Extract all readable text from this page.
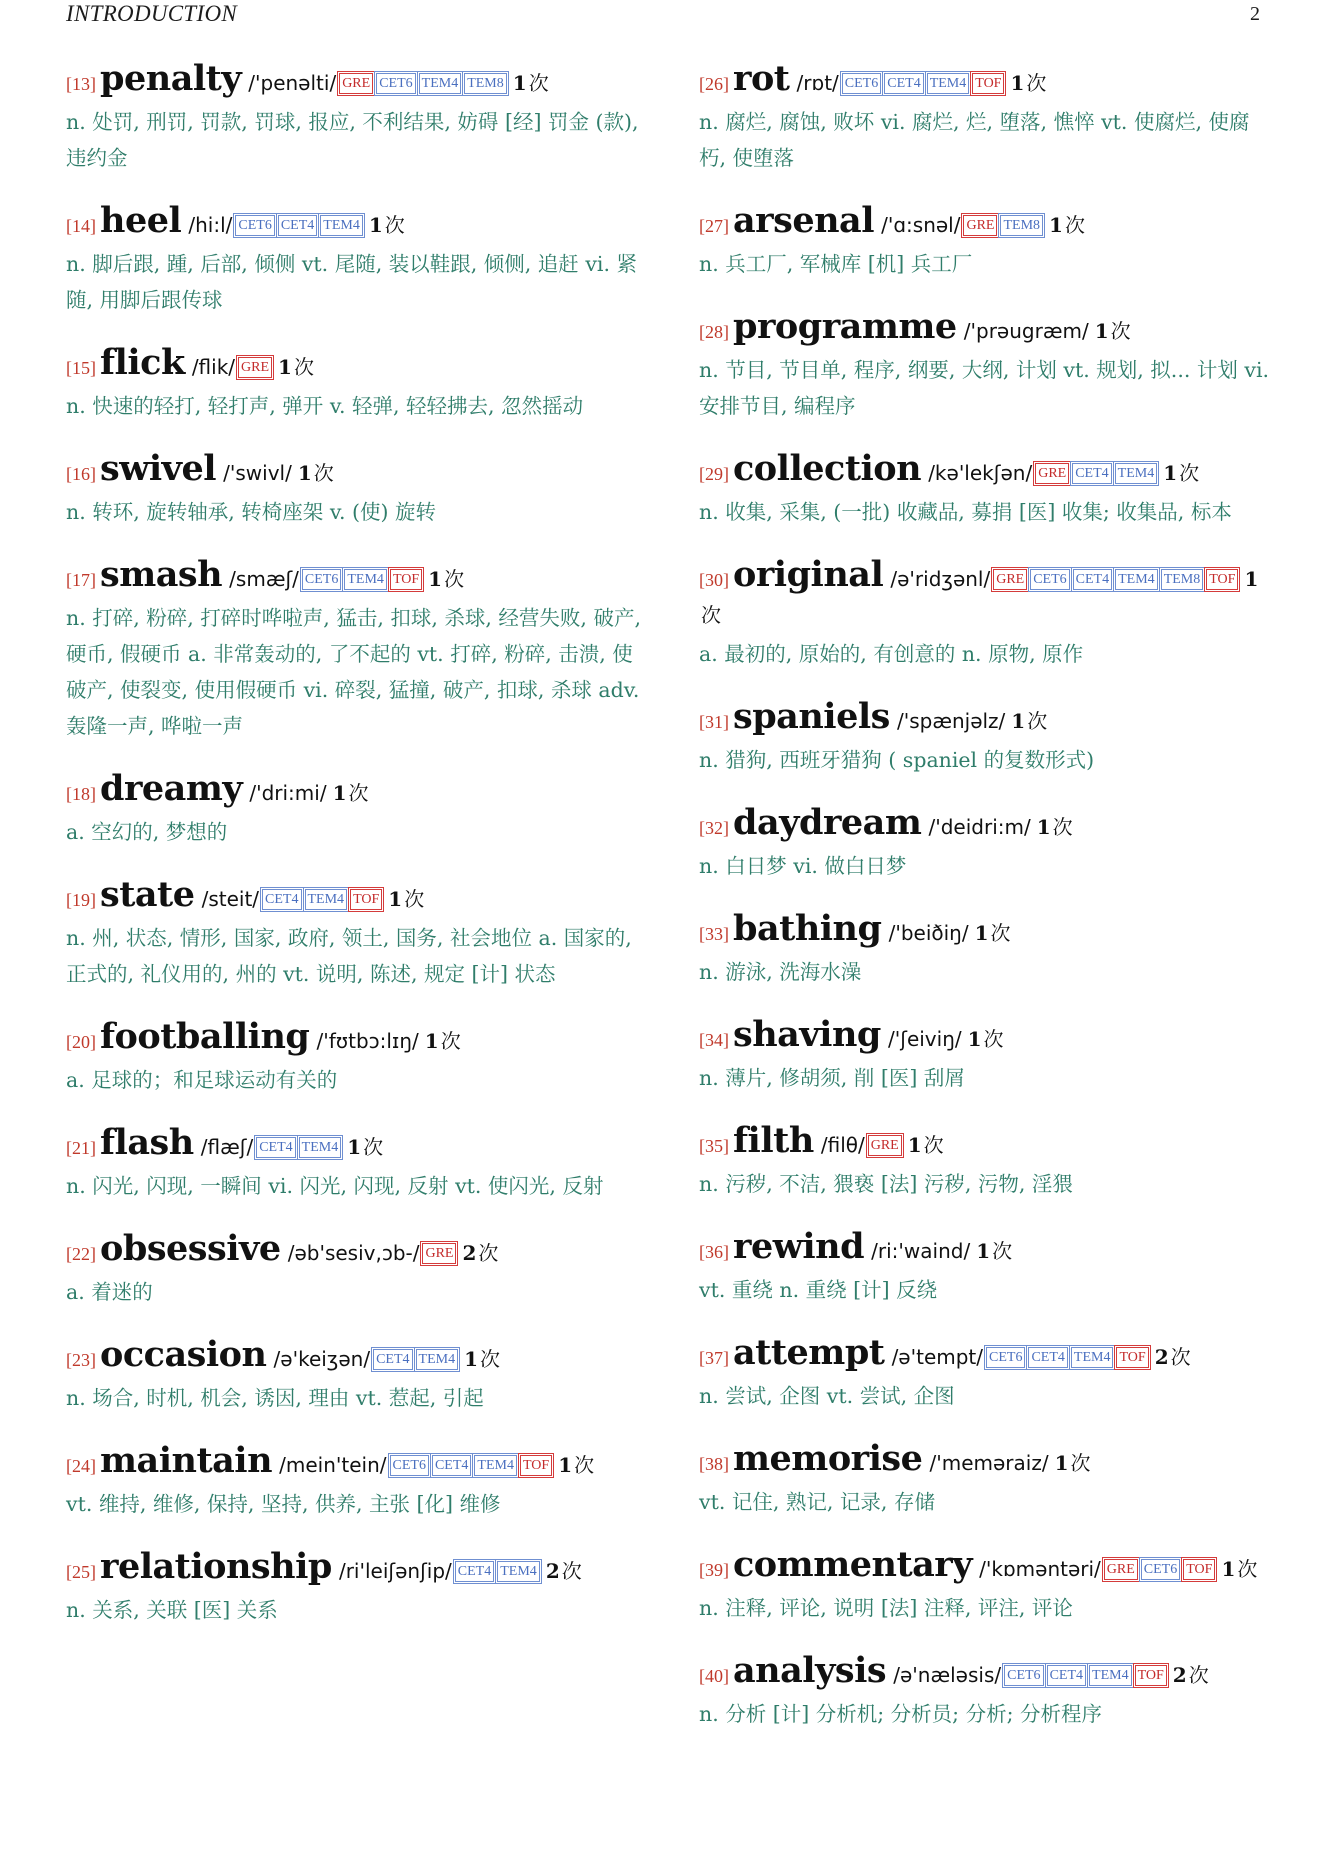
INTRODUCTION	2
[13] penalty /'penəlti/ GRE CET6 TEM4 TEM8 1 次
n. 处罚, 刑罚, 罚款, 罚球, 报应, 不利结果, 妨碍 [经] 罚金 (款), 违约金
[14] heel /hi:l/ CET6 CET4 TEM4 1 次
n. 脚后跟, 踵, 后部, 倾侧 vt. 尾随, 装以鞋跟, 倾侧, 追赶 vi. 紧随, 用脚后跟传球
[15] flick /flik/ GRE 1 次
n. 快速的轻打, 轻打声, 弹开 v. 轻弹, 轻轻拂去, 忽然摇动
[16] swivel /'swivl/ 1 次
n. 转环, 旋转轴承, 转椅座架 v. (使) 旋转
[17] smash /smæʃ/ CET6 TEM4 TOF 1 次
n. 打碎, 粉碎, 打碎时哗啦声, 猛击, 扣球, 杀球, 经营失败, 破产, 硬币, 假硬币 a. 非常轰动的, 了不起的 vt. 打碎, 粉碎, 击溃, 使破产, 使裂变, 使用假硬币 vi. 碎裂, 猛撞, 破产, 扣球, 杀球 adv. 轰隆一声, 哗啦一声
[18] dreamy /'dri:mi/ 1 次
a. 空幻的, 梦想的
[19] state /steit/ CET4 TEM4 TOF 1 次
n. 州, 状态, 情形, 国家, 政府, 领土, 国务, 社会地位 a. 国家的, 正式的, 礼仪用的, 州的 vt. 说明, 陈述, 规定 [计] 状态
[20] footballing /'fʊtbɔ:lɪŋ/ 1 次
a. 足球的；和足球运动有关的
[21] flash /flæʃ/ CET4 TEM4 1 次
n. 闪光, 闪现, 一瞬间 vi. 闪光, 闪现, 反射 vt. 使闪光, 反射
[22] obsessive /əb'sesiv,ɔb-/ GRE 2 次
a. 着迷的
[23] occasion /ə'keiʒən/ CET4 TEM4 1 次
n. 场合, 时机, 机会, 诱因, 理由 vt. 惹起, 引起
[24] maintain /mein'tein/ CET6 CET4 TEM4 TOF 1 次
vt. 维持, 维修, 保持, 坚持, 供养, 主张 [化] 维修
[25] relationship /ri'leiʃənʃip/ CET4 TEM4 2 次
n. 关系, 关联 [医] 关系
[26] rot /rɒt/ CET6 CET4 TEM4 TOF 1 次
n. 腐烂, 腐蚀, 败坏 vi. 腐烂, 烂, 堕落, 憔悴 vt. 使腐烂, 使腐朽, 使堕落
[27] arsenal /'ɑ:snəl/ GRE TEM8 1 次
n. 兵工厂, 军械库 [机] 兵工厂
[28] programme /'prəugræm/ 1 次
n. 节目, 节目单, 程序, 纲要, 大纲, 计划 vt. 规划, 拟... 计划 vi. 安排节目, 编程序
[29] collection /kə'lekʃən/ GRE CET4 TEM4 1 次
n. 收集, 采集, (一批) 收藏品, 募捐 [医] 收集; 收集品, 标本
[30] original /ə'ridʒənl/ GRE CET6 CET4 TEM4 TEM8 TOF 1次
a. 最初的, 原始的, 有创意的 n. 原物, 原作
[31] spaniels /'spænjəlz/ 1 次
n. 猎狗, 西班牙猎狗 ( spaniel 的复数形式)
[32] daydream /'deidri:m/ 1 次
n. 白日梦 vi. 做白日梦
[33] bathing /'beiðiŋ/ 1 次
n. 游泳, 洗海水澡
[34] shaving /'ʃeiviŋ/ 1 次
n. 薄片, 修胡须, 削 [医] 刮屑
[35] filth /filθ/ GRE 1 次
n. 污秽, 不洁, 猥亵 [法] 污秽, 污物, 淫猥
[36] rewind /ri:'waind/ 1 次
vt. 重绕 n. 重绕 [计] 反绕
[37] attempt /ə'tempt/ CET6 CET4 TEM4 TOF 2 次
n. 尝试, 企图 vt. 尝试, 企图
[38] memorise /'meməraiz/ 1 次
vt. 记住, 熟记, 记录, 存储
[39] commentary /'kɒməntəri/ GRE CET6 TOF 1 次
n. 注释, 评论, 说明 [法] 注释, 评注, 评论
[40] analysis /ə'næləsis/ CET6 CET4 TEM4 TOF 2 次
n. 分析 [计] 分析机; 分析员; 分析; 分析程序
